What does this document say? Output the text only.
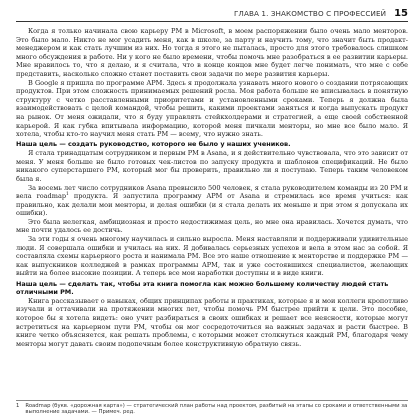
ГЛАВА 1. ЗНАКОМСТВО С ПРОФЕССИЕЙ 15

Когда я только начинала свою карьеру PM в Microsoft, в моем распоряжении было очень мало менторов. Это было мало. Никто не мог усадить меня, как в школе, за парту и научить тому, что значит быть продакт-менеджером и как стать лучшим из них. Но тогда я этого не пыталась, просто для этого требовалось слишком много обсуждения в работе. Ни у кого не было времени, чтобы помочь мне разобраться в ее развитии карьеры. Мне нравилось то, что я делаю, и я считала, что в конце концов мне будет легче понимать, что мне с себе представить, насколько сложно станет поставить свои задачи по мере развития карьеры.

В Google я пришла по программе APM. Здесь я продолжала узнавать много нового о создании потрясающих продуктов. При этом сложность принимаемых решений росла. Моя работа больше не вписывалась в понятную структуру с четко расставленными приоритетами и установленными сроками. Теперь я должна была взаимодействовать с целой командой, чтобы решить, какими проектами заняться и когда выпускать продукт на рынок. От меня ожидали, что я буду управлять стейкхолдерами и стратегией, а еще своей собственной карьерой. Я как губка впитывала информацию, которой меня пичкали менторы, но мне все было мало. Я хотела, чтобы кто-то научил меня стать PM — всему, что нужно знать.

Наша цель — создать руководство, которого не было у наших учеников.

Я стала тринадцатым сотрудником и первым PM в Asana, и я действительно чувствовала, что это зависит от меня. У меня больше не было готовых чек-листов по запуску продукта и шаблонов спецификаций. Не было никакого суперстаршего PM, который мог бы проверить, правильно ли я поступаю. Теперь таким человеком была я.

За восемь лет число сотрудников Asana превысило 500 человек, я стала руководителем команды из 20 PM и вела roadmap$^1$ продукта. Я запустила программу APM от Asana и стремилась все время учиться: как правильно, как делали мои менторы, и делая ошибки (и я стала делать их меньше и при этом я допускала их ошибки).

Это была нелегкая, амбициозная и просто недостижимая цель, но мне она нравилась. Хочется думать, что мне почти удалось ее достичь.

За эти годы я очень многому научилась и сильно выросла. Меня наставляли и поддерживали удивительные люди. Я совершала ошибки и училась на них. Я добивалась серьезных успехов и вела в этом нас за собой. Я составляла схемы карьерного роста и нанимала PM. Все это наше отношение к менторстве и поддержке PM — как выпускников колледжей в рамках программы APM, так и уже состоявшихся специалистов, желающих выйти на более высокие позиции. А теперь все мои наработки доступны и в виде книги.

Наша цель — сделать так, чтобы эта книга помогла как можно большему количеству людей стать отличными PM.

Книга рассказывает о навыках, общих принципах работы и практиках, которые я и мои коллеги кропотливо изучали и оттачивали на протяжении многих лет, чтобы помочь PM быстрее прийти к цели. Это пособие, которое бы я хотела видеть: оно учит разбираться в своих ошибках и решает все неясности, которые могут встретиться на карьерном пути PM, чтобы он мог сосредоточиться на важных задачах и расти быстрее. В книге четко объясняется, как решать проблемы, с которыми может столкнуться каждый PM, благодаря чему менторы могут давать своим подопечным более конструктивную обратную связь.

1 Roadmap (букв. «дорожная карта») — стратегический план работы над проектом, разбитый на этапы со сроками и ответственными за выполнение задачами. — Примеч. ред.
